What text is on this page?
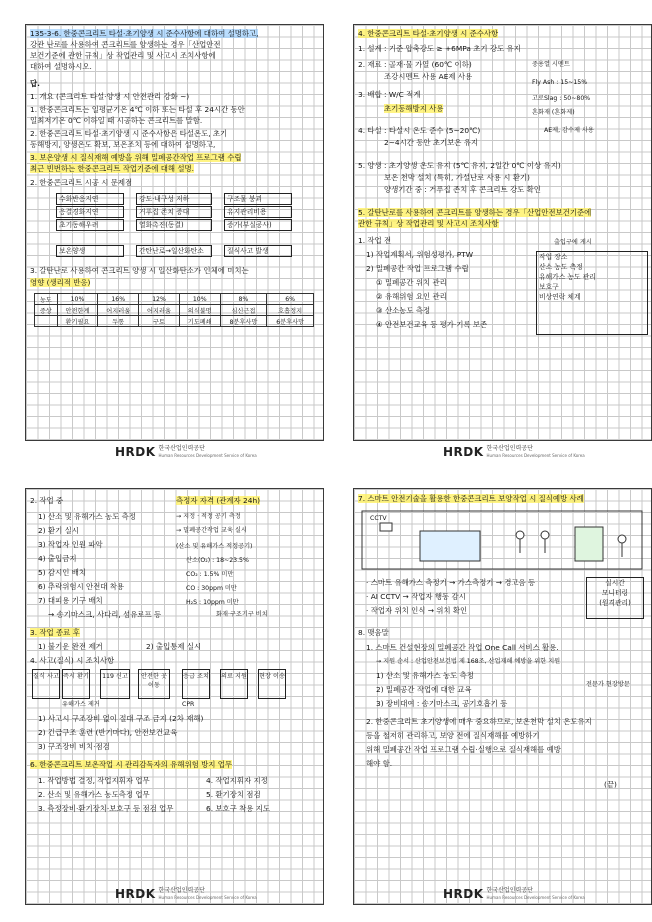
135-3-6. 한중콘크리트 타설·초기양생 시 준수사항에 대하여 설명하고,
강관 난로를 사용하여 콘크리트를 양생하는 경우「산업안전
보건기준에 관한 규칙」상 작업관리 및 사고시 조치사항에
대하여 설명하시오.
답.
1. 개요 (콘크리트 타설·양생 시 안전관리 강화 ~)
1. 한중콘크리트는 일평균기온 4℃ 이하 또는 타설 후 24시간 동안
일최저기온 0℃ 이하일 때 시공하는 콘크리트를 말함.
2. 한중콘크리트 타설·초기양생 시 준수사항은 타설온도, 초기
동해방지, 양생온도 확보, 보온조치 등에 대하여 설명하고,
3. 보온양생 시 질식재해 예방을 위해 밀폐공간작업 프로그램 수립
최근 빈번하는 한중콘크리트 작업기준에 대해 설명.
2. 한중콘크리트 시공 시 문제점
수화반응지연
응결경화지연
초기동해우려
보온양생
강도·내구성 저하
거푸집 존치 증대
열화촉진(동결)
간탄난로→일산화탄소
구조물 붕괴
유지관리비용
증가(부실공사)
질식사고 발생
3. 갈탄난로 사용하여 콘크리트 양생 시 일산화탄소가 인체에 미치는
영향 (생리적 반응)
농도	10%	16%	12%	10%	8%	6%
증상	안전한계	어지러움	어지러움	의식불명	심신근접	호흡정지
	환기필요	두통	구토	기도폐쇄	8분후사망	6분후사망
HRDK 한국산업인력공단
Human Resources Development Service of Korea
4. 한중콘크리트 타설·초기양생 시 준수사항
1. 설계 : 기준 압축강도 ≥ +6MPa 초기 강도 유지
2. 재료 : 골재·물 가열 (60℃ 이하)	중용열 시멘트
조강시멘트 사용 AE제 사용
Fly Ash : 15~15%
3. 배합 : W/C 적게	고로Slag : 50~80%
초기동해방지 사용	혼화재 (혼화제)
4. 타설 : 타설시 온도 준수 (5~20℃)	AE제, 감수제 사용
2~4시간 동안 초기보온 유지
5. 양생 : 초기양생 온도 유지 (5℃ 유지, 2일간 0℃ 이상 유지)
보온 천막 설치 (특히, 가설난로 사용 시 환기)
양생기간 중 : 거푸집 존치 후 콘크리트 강도 확인
5. 갈탄난로를 사용하여 콘크리트를 양생하는 경우「산업안전보건기준에
관한 규칙」상 작업관리 및 사고시 조치사항
1. 작업 전
1) 작업계획서, 위험성평가, PTW
2) 밀폐공간 작업 프로그램 수립
① 밀폐공간 위치 관리
② 유해위험 요인 관리
③ 산소농도 측정
④ 안전보건교육 등 평가·기록 보존
출입구에 게시
작업 장소
산소 농도 측정
유해가스 농도 관리
보호구
비상연락 체계
HRDK 한국산업인력공단
Human Resources Development Service of Korea
2. 작업 중	측정자 자격 (관계자 24h)
1) 산소 및 유해가스 농도 측정	→ 지정 · 적정 공기 측정
2) 환기 실시	→ 밀폐공간작업 교육 실시
3) 작업자 인원 파악	(산소 및 유해가스 적정공기)
4) 출입금지	산소(O₂) : 18~23.5%
5) 감시인 배치	CO₂ : 1.5% 미만
6) 추락위험시 안전대 착용	CO : 30ppm 미만
7) 대피용 기구 배치	H₂S : 10ppm 미만
→ 송기마스크, 사다리, 섬유로프 등	화재·구조기구 비치
3. 작업 종료 후
1) 불기운 완전 제거	2) 출입통제 실시
4. 사고(질식) 시 조치사항
질식 사고 즉시 환기	119 신고	안전한 곳 이동
응급 조치 의료 지원 현장 이송
유해가스 제거	CPR
1) 사고시 구조장비 없이 절대 구조 금지 (2차 재해)
2) 긴급구조 훈련 (반기마다), 안전보건교육
3) 구조장비 비치·점검
6. 한중콘크리트 보온작업 시 관리감독자의 유해위험 방지 업무
1. 작업방법 결정, 작업지휘자 업무	4. 작업지휘자 지정
2. 산소 및 유해가스 농도측정 업무	5. 환기장치 점검
3. 측정장비·환기장치·보호구 등 점검 업무	6. 보호구 착용 지도
HRDK 한국산업인력공단
Human Resources Development Service of Korea
7. 스마트 안전기술을 활용한 한중콘크리트 보양작업 시 질식예방 사례
CCTV
· 스마트 유해가스 측정기 → 가스측정기 → 경고음 등
· AI CCTV → 작업자 행동 감시
· 작업자 위치 인식 → 위치 확인
실시간
모니터링
(원격관리)
8. 맺음말
1. 스마트 건설현장의 밀폐공간 작업 One Call 서비스 활용.
→ 지원 순서 : 산업안전보건법 제 168조, 산업재해 예방을 위한 지원
1) 산소 및 유해가스 농도 측정
2) 밀폐공간 작업에 대한 교육
전문가 현장방문
3) 장비대여 : 송기마스크, 공기호흡기 등
2. 한중콘크리트 초기양생에 매우 중요하므로, 보온천막 설치 온도유지
등을 철저히 관리하고, 보양 전에 질식재해를 예방하기
위해 밀폐공간 작업 프로그램 수립·실행으로 질식재해를 예방
해야 함.
(끝)
HRDK 한국산업인력공단
Human Resources Development Service of Korea
